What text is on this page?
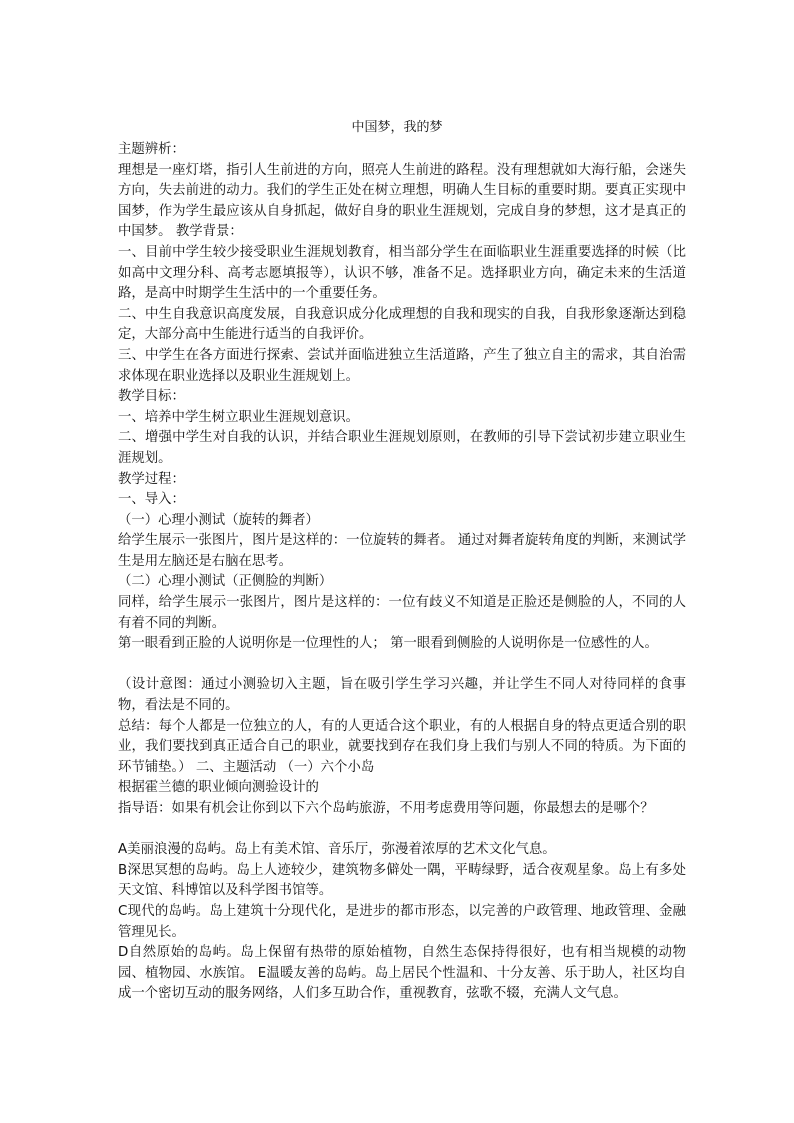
中国梦，我的梦

主题辨析：

理想是一座灯塔，指引人生前进的方向，照亮人生前进的路程。没有理想就如大海行船，会迷失方向，失去前进的动力。我们的学生正处在树立理想，明确人生目标的重要时期。要真正实现中国梦，作为学生最应该从自身抓起，做好自身的职业生涯规划，完成自身的梦想，这才是真正的中国梦。 教学背景：

一、目前中学生较少接受职业生涯规划教育，相当部分学生在面临职业生涯重要选择的时候（比如高中文理分科、高考志愿填报等），认识不够，准备不足。选择职业方向，确定未来的生活道路，是高中时期学生生活中的一个重要任务。

二、中生自我意识高度发展，自我意识成分化成理想的自我和现实的自我，自我形象逐渐达到稳定，大部分高中生能进行适当的自我评价。

三、中学生在各方面进行探索、尝试并面临进独立生活道路，产生了独立自主的需求，其自治需求体现在职业选择以及职业生涯规划上。

教学目标：

一、培养中学生树立职业生涯规划意识。

二、增强中学生对自我的认识，并结合职业生涯规划原则，在教师的引导下尝试初步建立职业生涯规划。

教学过程：

一、导入：

（一）心理小测试（旋转的舞者）

给学生展示一张图片，图片是这样的：一位旋转的舞者。 通过对舞者旋转角度的判断，来测试学生是用左脑还是右脑在思考。

（二）心理小测试（正侧脸的判断）

同样，给学生展示一张图片，图片是这样的：一位有歧义不知道是正脸还是侧脸的人，不同的人有着不同的判断。

第一眼看到正脸的人说明你是一位理性的人； 第一眼看到侧脸的人说明你是一位感性的人。

（设计意图：通过小测验切入主题，旨在吸引学生学习兴趣，并让学生不同人对待同样的食事物，看法是不同的。

总结：每个人都是一位独立的人，有的人更适合这个职业，有的人根据自身的特点更适合别的职业，我们要找到真正适合自己的职业，就要找到存在我们身上我们与别人不同的特质。为下面的环节铺垫。） 二、主题活动 （一）六个小岛

根据霍兰德的职业倾向测验设计的

指导语：如果有机会让你到以下六个岛屿旅游，不用考虑费用等问题，你最想去的是哪个？

A美丽浪漫的岛屿。岛上有美术馆、音乐厅，弥漫着浓厚的艺术文化气息。

B深思冥想的岛屿。岛上人迹较少，建筑物多僻处一隅，平畴绿野，适合夜观星象。岛上有多处天文馆、科博馆以及科学图书馆等。

C现代的岛屿。岛上建筑十分现代化，是进步的都市形态，以完善的户政管理、地政管理、金融管理见长。

D自然原始的岛屿。岛上保留有热带的原始植物，自然生态保持得很好，也有相当规模的动物园、植物园、水族馆。 E温暖友善的岛屿。岛上居民个性温和、十分友善、乐于助人，社区均自成一个密切互动的服务网络，人们多互助合作，重视教育，弦歌不辍，充满人文气息。
